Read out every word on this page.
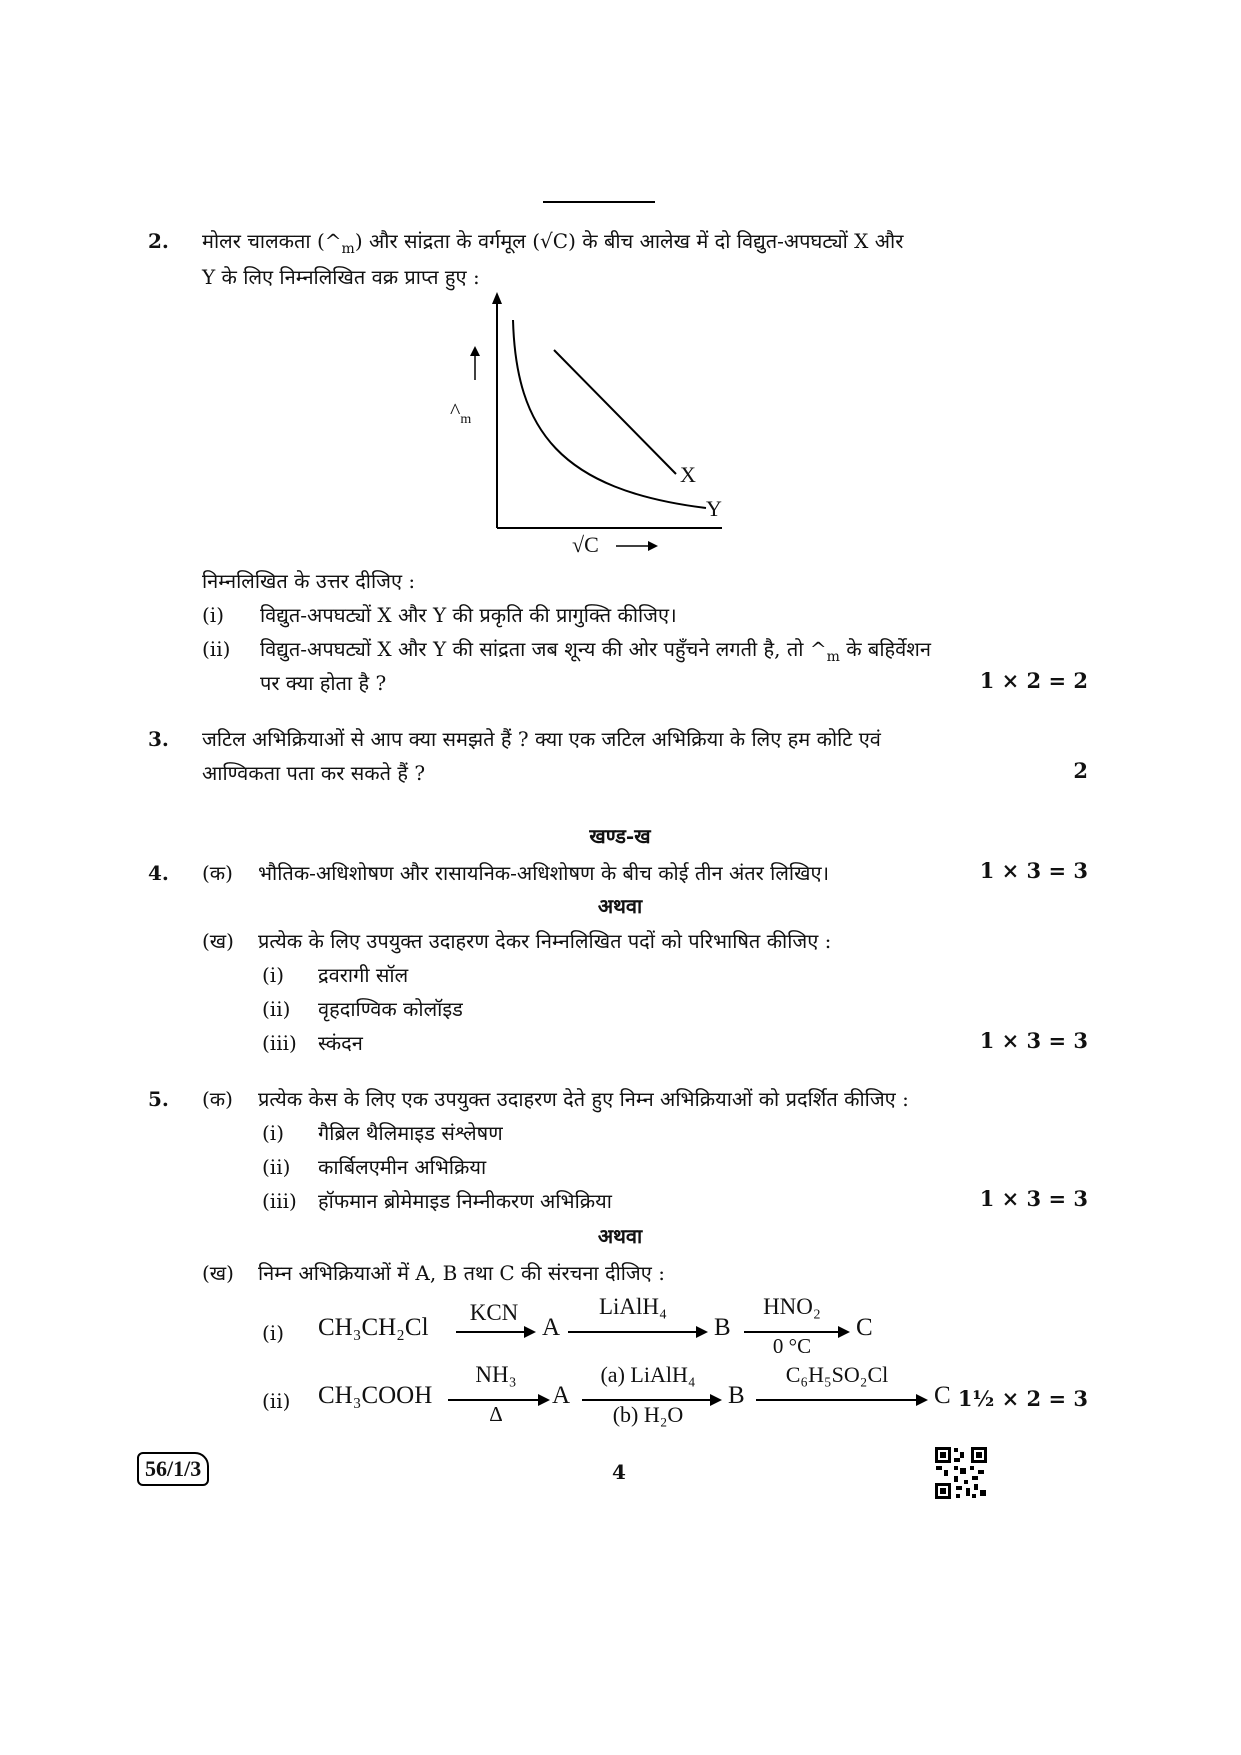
2. मोलर चालकता $(\^{}_m)$ और सांद्रता के वर्गमूल (√C) के बीच आलेख में दो विद्युत-अपघट्यों X और
Y के लिए निम्नलिखित वक्र प्राप्त हुए :
$\^{}_m$
√C
X
Y
निम्नलिखित के उत्तर दीजिए :
(i) विद्युत-अपघट्यों X और Y की प्रकृति की प्रागुक्ति कीजिए।
(ii) विद्युत-अपघट्यों X और Y की सांद्रता जब शून्य की ओर पहुँचने लगती है, तो $\^{}_m$ के बहिर्वेशन
पर क्या होता है ?	1 × 2 = 2
3. जटिल अभिक्रियाओं से आप क्या समझते हैं ? क्या एक जटिल अभिक्रिया के लिए हम कोटि एवं
आण्विकता पता कर सकते हैं ?	2
खण्ड-ख
4. (क) भौतिक-अधिशोषण और रासायनिक-अधिशोषण के बीच कोई तीन अंतर लिखिए।	1 × 3 = 3
अथवा
(ख) प्रत्येक के लिए उपयुक्त उदाहरण देकर निम्नलिखित पदों को परिभाषित कीजिए :
(i) द्रवरागी सॉल
(ii) वृहदाण्विक कोलॉइड
(iii) स्कंदन	1 × 3 = 3
5. (क) प्रत्येक केस के लिए एक उपयुक्त उदाहरण देते हुए निम्न अभिक्रियाओं को प्रदर्शित कीजिए :
(i) गैब्रिल थैलिमाइड संश्लेषण
(ii) कार्बिलएमीन अभिक्रिया
(iii) हॉफमान ब्रोमेमाइड निम्नीकरण अभिक्रिया	1 × 3 = 3
अथवा
(ख) निम्न अभिक्रियाओं में A, B तथा C की संरचना दीजिए :
(i) CH₃CH₂Cl
KCN
A
LiAlH₄
B
HNO₂
0 °C
C
(ii) CH₃COOH
NH₃
Δ
A
(a) LiAlH₄
(b) H₂O
B
C₆H₅SO₂Cl
C 1½ × 2 = 3
56/1/3	4
